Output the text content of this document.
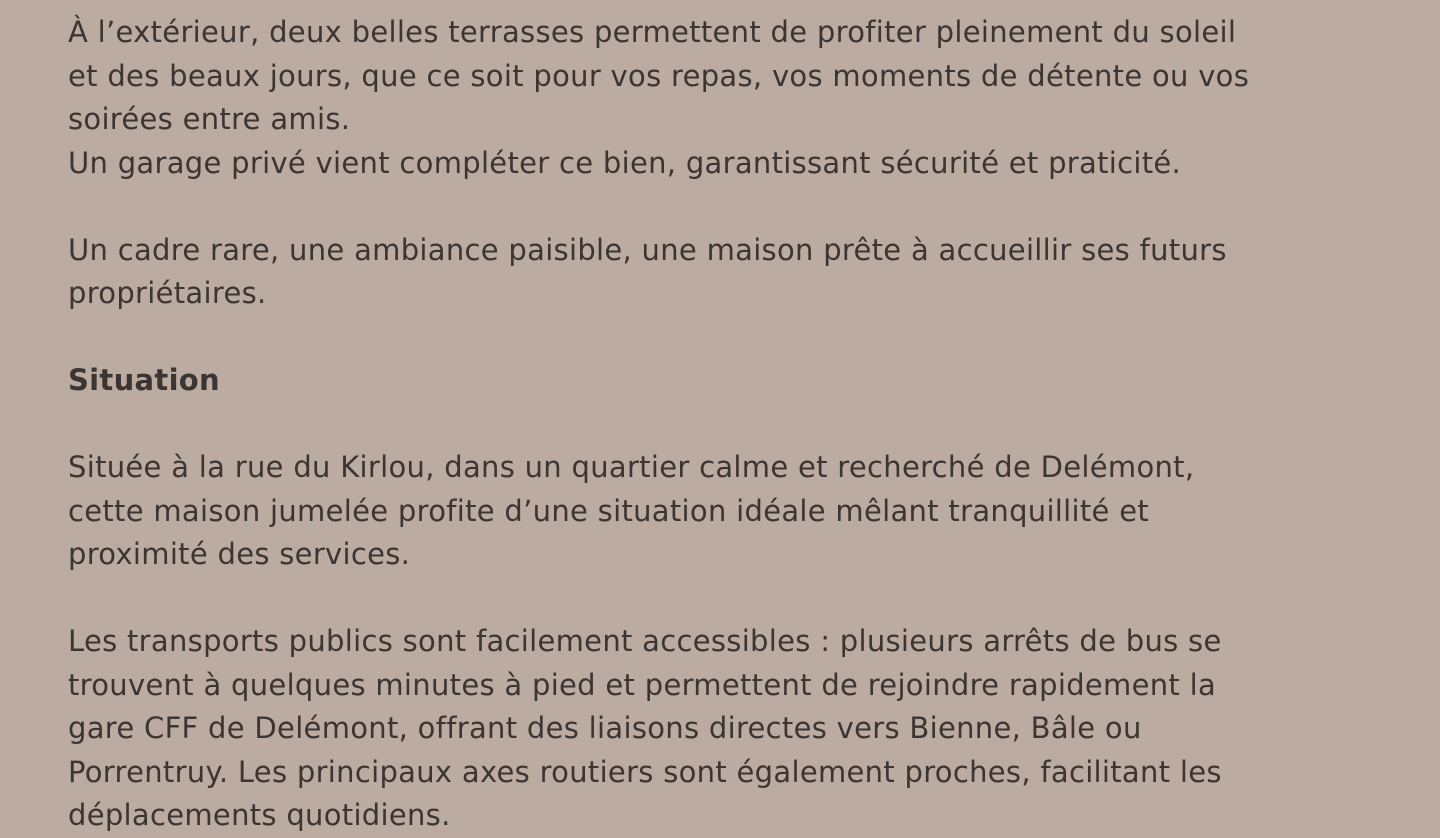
À l’extérieur, deux belles terrasses permettent de profiter pleinement du soleil
et des beaux jours, que ce soit pour vos repas, vos moments de détente ou vos
soirées entre amis.
Un garage privé vient compléter ce bien, garantissant sécurité et praticité.

Un cadre rare, une ambiance paisible, une maison prête à accueillir ses futurs
propriétaires.

Situation

Située à la rue du Kirlou, dans un quartier calme et recherché de Delémont,
cette maison jumelée profite d’une situation idéale mêlant tranquillité et
proximité des services.

Les transports publics sont facilement accessibles : plusieurs arrêts de bus se
trouvent à quelques minutes à pied et permettent de rejoindre rapidement la
gare CFF de Delémont, offrant des liaisons directes vers Bienne, Bâle ou
Porrentruy. Les principaux axes routiers sont également proches, facilitant les
déplacements quotidiens.
